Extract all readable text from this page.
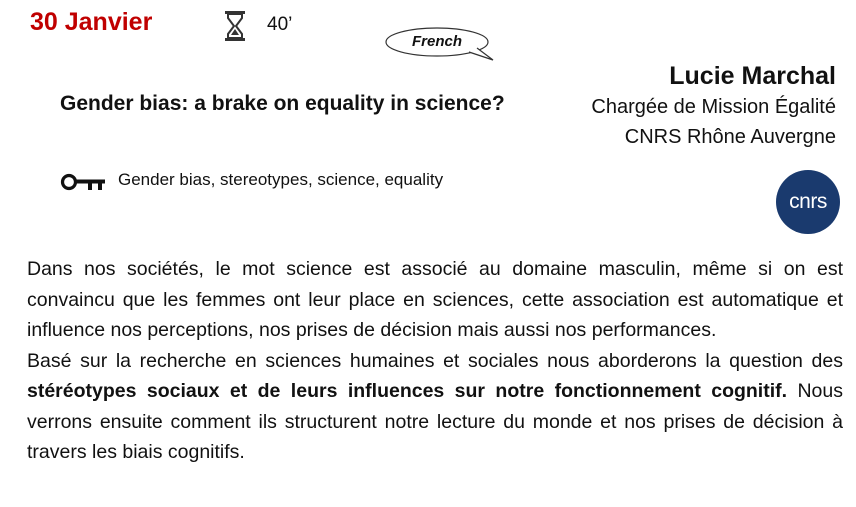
30 Janvier	40’
French
Gender bias: a brake on equality in science?
Lucie Marchal
Chargée de Mission Égalité
CNRS Rhône Auvergne
Gender bias, stereotypes, science, equality
cnrs

Dans nos sociétés, le mot science est associé au domaine masculin, même si on est convaincu que les femmes ont leur place en sciences, cette association est automatique et influence nos perceptions, nos prises de décision mais aussi nos performances.

Basé sur la recherche en sciences humaines et sociales nous aborderons la question des stéréotypes sociaux et de leurs influences sur notre fonctionnement cognitif. Nous verrons ensuite comment ils structurent notre lecture du monde et nos prises de décision à travers les biais cognitifs.
